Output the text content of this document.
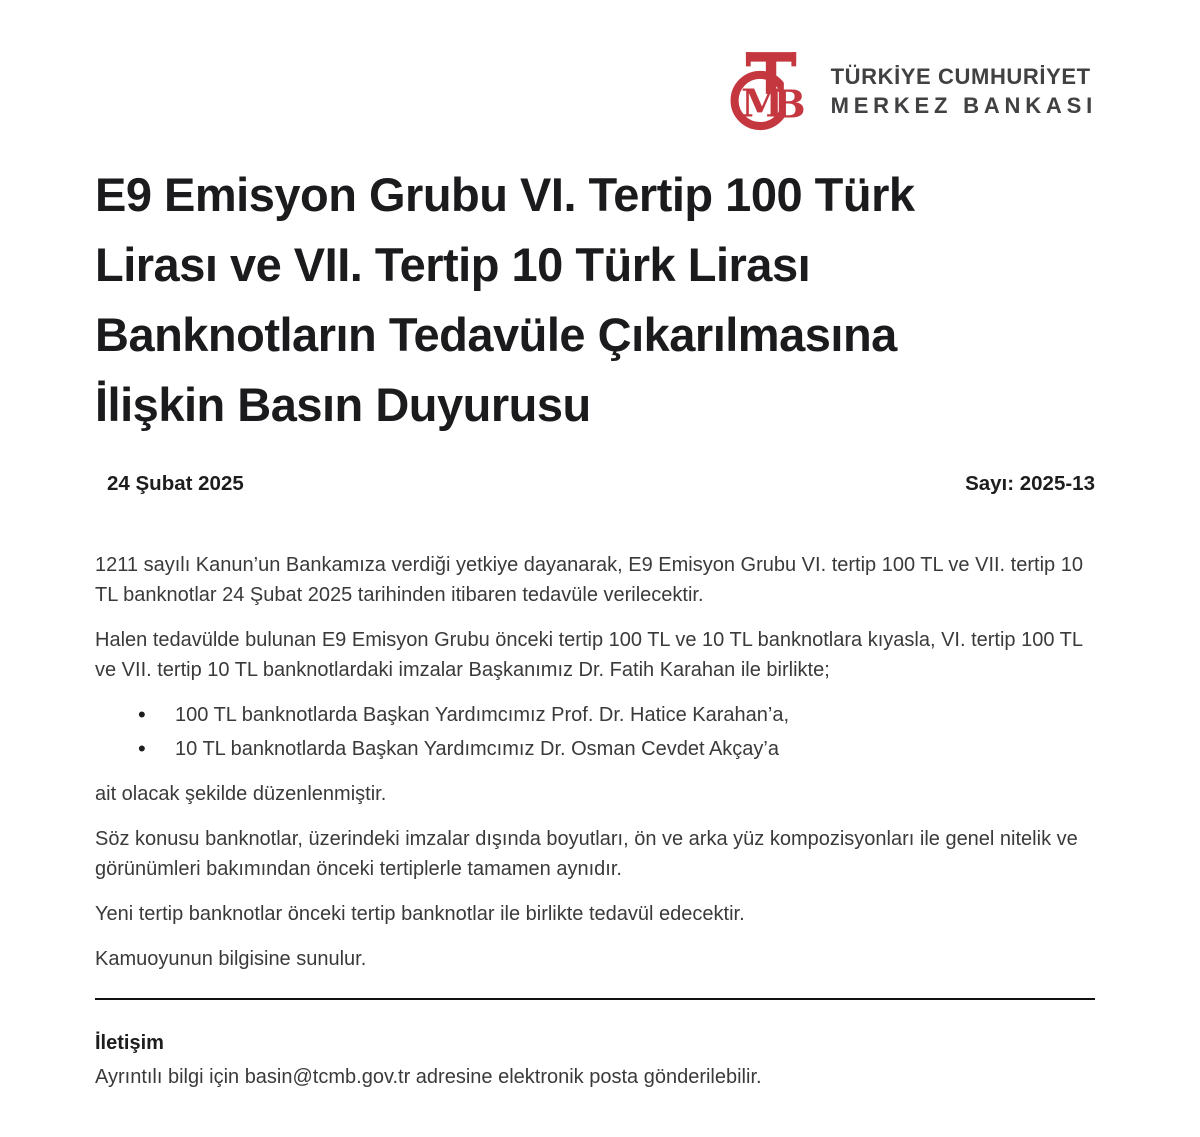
M
B
TÜRKİYE CUMHURİYET
MERKEZ BANKASI
E9 Emisyon Grubu VI. Tertip 100 Türk
Lirası ve VII. Tertip 10 Türk Lirası
Banknotların Tedavüle Çıkarılmasına
İlişkin Basın Duyurusu
24 Şubat 2025	Sayı: 2025-13

1211 sayılı Kanun’un Bankamıza verdiği yetkiye dayanarak, E9 Emisyon Grubu VI. tertip 100 TL ve VII. tertip 10 TL banknotlar 24 Şubat 2025 tarihinden itibaren tedavüle verilecektir.

Halen tedavülde bulunan E9 Emisyon Grubu önceki tertip 100 TL ve 10 TL banknotlara kıyasla, VI. tertip 100 TL ve VII. tertip 10 TL banknotlardaki imzalar Başkanımız Dr. Fatih Karahan ile birlikte;

• 100 TL banknotlarda Başkan Yardımcımız Prof. Dr. Hatice Karahan’a,
• 10 TL banknotlarda Başkan Yardımcımız Dr. Osman Cevdet Akçay’a

ait olacak şekilde düzenlenmiştir.

Söz konusu banknotlar, üzerindeki imzalar dışında boyutları, ön ve arka yüz kompozisyonları ile genel nitelik ve görünümleri bakımından önceki tertiplerle tamamen aynıdır.

Yeni tertip banknotlar önceki tertip banknotlar ile birlikte tedavül edecektir.

Kamuoyunun bilgisine sunulur.

İletişim

Ayrıntılı bilgi için basin@tcmb.gov.tr adresine elektronik posta gönderilebilir.
